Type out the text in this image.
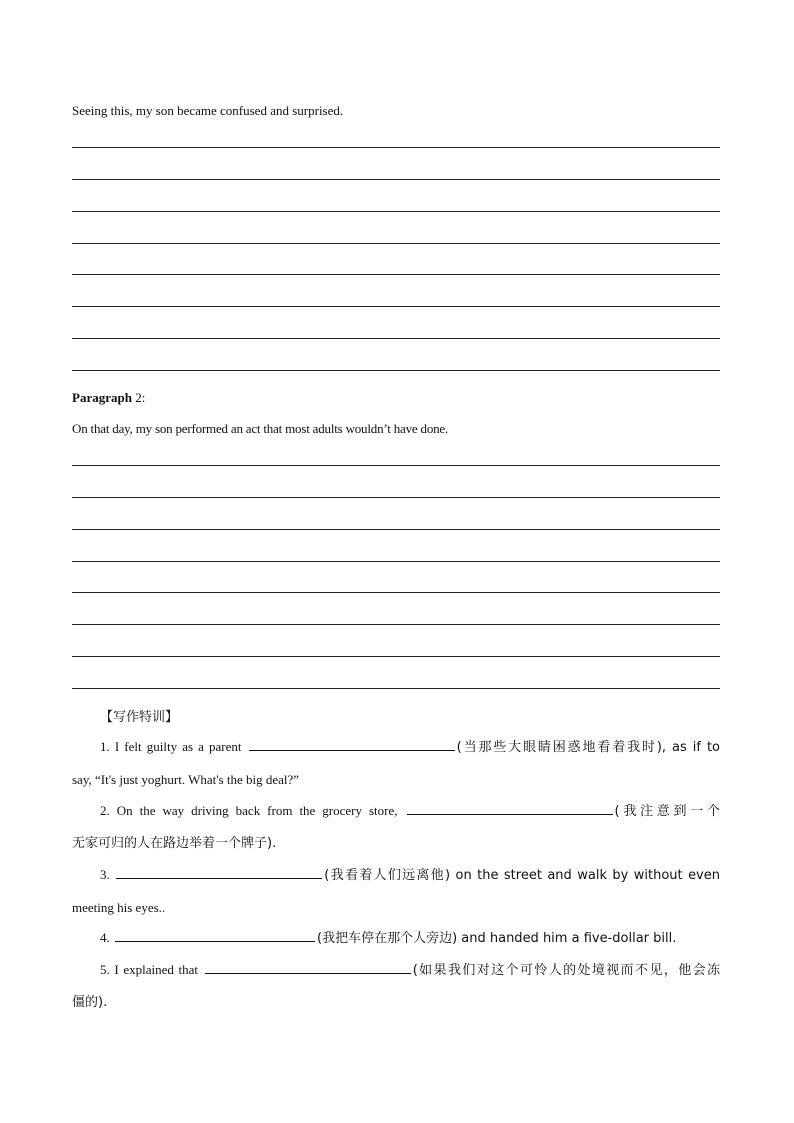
Seeing this, my son became confused and surprised.
Paragraph 2:
On that day, my son performed an act that most adults wouldn’t have done.
【写作特训】
1. I felt guilty as a parent	(当那些大眼睛困惑地看着我时), as if to
say, “It's just yoghurt. What's the big deal?”
2. On the way driving back from the grocery store,	(我注意到一个
无家可归的人在路边举着一个牌子).
3.	(我看着人们远离他) on the street and walk by without even
meeting his eyes..
4.	(我把车停在那个人旁边) and handed him a five-dollar bill.
5. I explained that	(如果我们对这个可怜人的处境视而不见，他会冻
僵的).
